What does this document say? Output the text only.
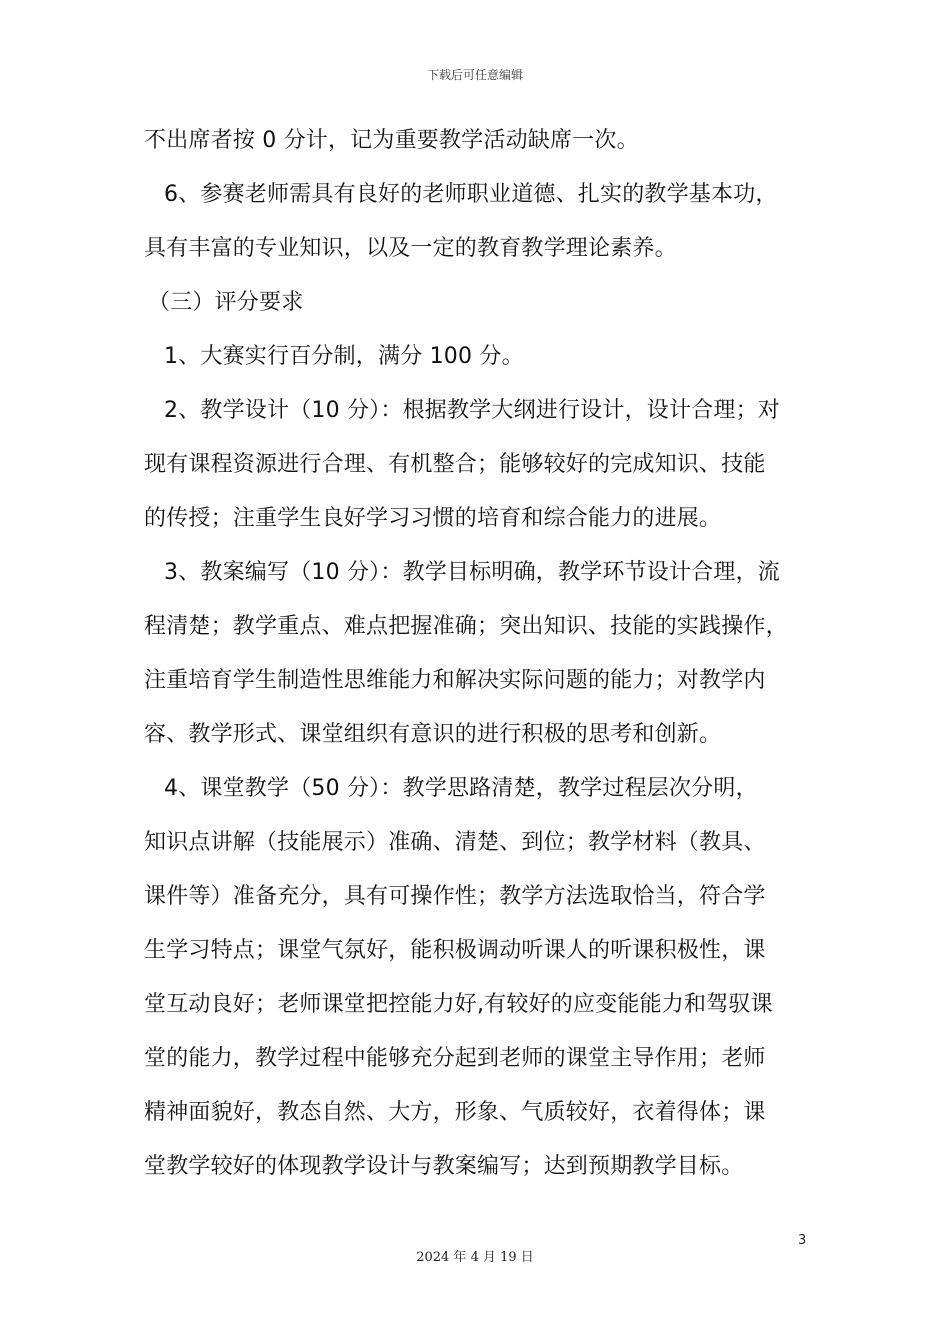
下载后可任意编辑
不出席者按 0 分计，记为重要教学活动缺席一次。
6、参赛老师需具有良好的老师职业道德、扎实的教学基本功，
具有丰富的专业知识，以及一定的教育教学理论素养。
（三）评分要求
1、大赛实行百分制，满分 100 分。
2、教学设计（10 分）：根据教学大纲进行设计，设计合理；对
现有课程资源进行合理、有机整合；能够较好的完成知识、技能
的传授；注重学生良好学习习惯的培育和综合能力的进展。
3、教案编写（10 分）：教学目标明确，教学环节设计合理，流
程清楚；教学重点、难点把握准确；突出知识、技能的实践操作，
注重培育学生制造性思维能力和解决实际问题的能力；对教学内
容、教学形式、课堂组织有意识的进行积极的思考和创新。
4、课堂教学（50 分）：教学思路清楚，教学过程层次分明，
知识点讲解（技能展示）准确、清楚、到位；教学材料（教具、
课件等）准备充分，具有可操作性；教学方法选取恰当，符合学
生学习特点；课堂气氛好，能积极调动听课人的听课积极性，课
堂互动良好；老师课堂把控能力好,有较好的应变能能力和驾驭课
堂的能力，教学过程中能够充分起到老师的课堂主导作用；老师
精神面貌好，教态自然、大方，形象、气质较好，衣着得体；课
堂教学较好的体现教学设计与教案编写；达到预期教学目标。
3
2024 年 4 月 19 日
